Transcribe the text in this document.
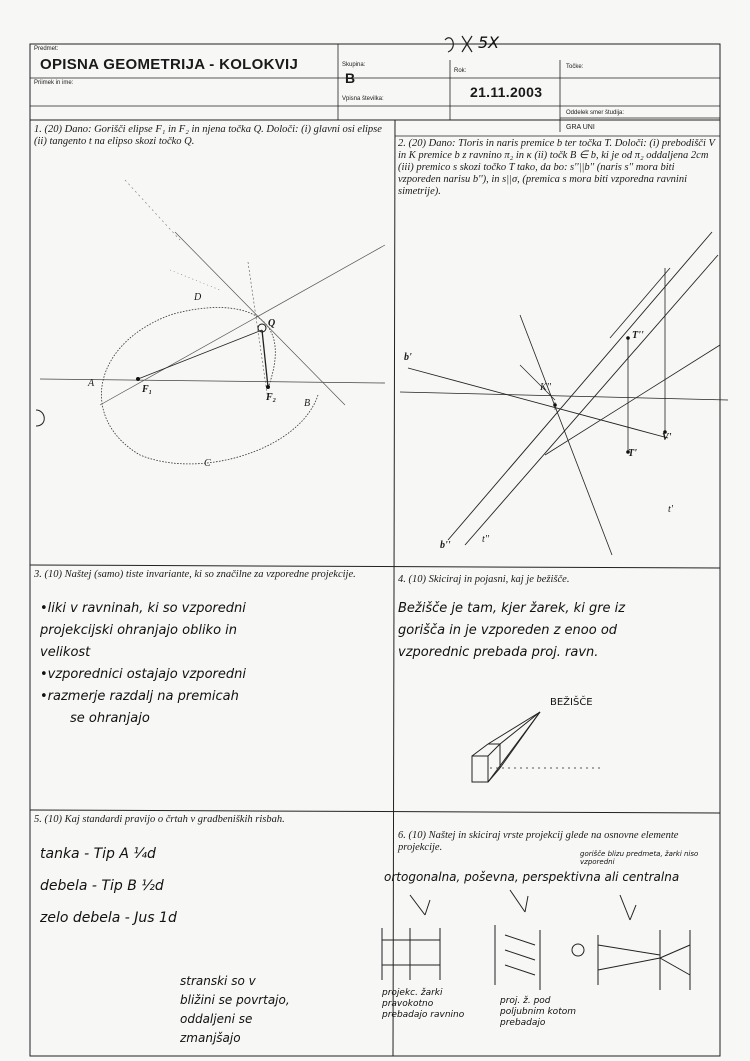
Predmet:
OPISNA GEOMETRIJA - KOLOKVIJ
Priimek in ime:
Skupina:
B
Vpisna številka:
Rok:
21.11.2003
Točke:
Oddelek smer študija:
GRA UNI
5X
1. (20) Dano: Gorišči elipse F₁ in F₂ in njena točka Q. Določi: (i) glavni osi elipse (ii) tangento t na elipso skozi točko Q.	2. (20) Dano: Tloris in naris premice b ter točka T. Določi: (i) prebodišči V in K premice b z ravnino π₂ in κ (ii) točk B ∈ b, ki je od π₂ oddaljena 2cm (iii) premico s skozi točko T tako, da bo: s''||b'' (naris s'' mora biti vzporeden narisu b''), in s||σ, (premica s mora biti vzporedna ravnini simetrije).
3. (10) Naštej (samo) tiste invariante, ki so značilne za vzporedne projekcije.	4. (10) Skiciraj in pojasni, kaj je bežišče.
5. (10) Kaj standardi pravijo o črtah v gradbeniških risbah.
6. (10) Naštej in skiciraj vrste projekcij glede na osnovne elemente projekcije.
D
Q
A
F₁
F₂
B
C
b'
b''
T''
T'
V'
K''
t''
t'
•liki v ravninah, ki so vzporedni
projekcijski ohranjajo obliko in
velikost
•vzporednici ostajajo vzporedni
•razmerje razdalj na premicah
se ohranjajo
Bežišče je tam, kjer žarek, ki gre iz
gorišča in je vzporeden z enoo od
vzporednic prebada proj. ravn.
BEŽIŠČE
tanka - Tip A ¼d
debela - Tip B ½d
zelo debela - Jus 1d
stranski so v
bližini se povrtajo,
oddaljeni se
zmanjšajo
ortogonalna, poševna, perspektivna ali centralna
gorišče blizu predmeta, žarki niso vzporedni
projekc. žarki pravokotno prebadajo ravnino
proj. ž. pod poljubnim kotom prebadajo
